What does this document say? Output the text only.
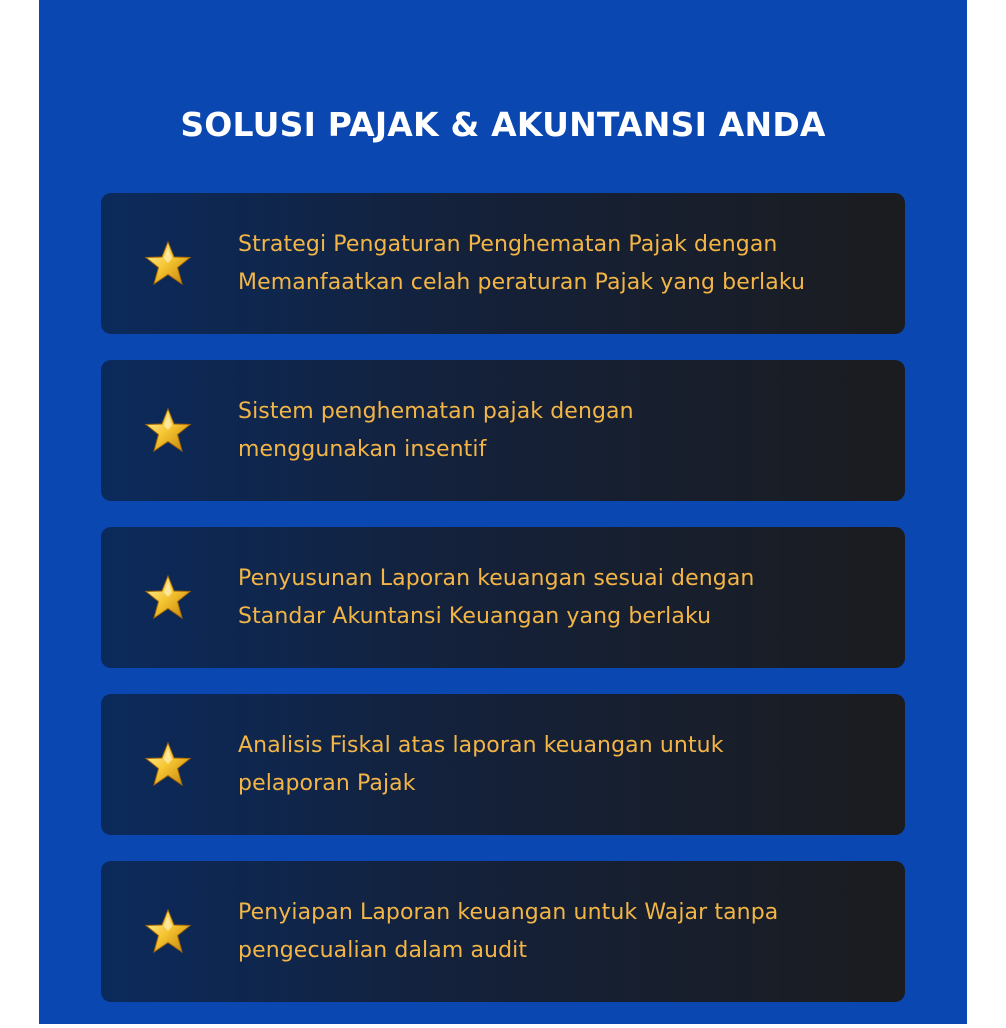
SOLUSI PAJAK & AKUNTANSI ANDA
Strategi Pengaturan Penghematan Pajak dengan
Memanfaatkan celah peraturan Pajak yang berlaku
Sistem penghematan pajak dengan
menggunakan insentif
Penyusunan Laporan keuangan sesuai dengan
Standar Akuntansi Keuangan yang berlaku
Analisis Fiskal atas laporan keuangan untuk
pelaporan Pajak
Penyiapan Laporan keuangan untuk Wajar tanpa
pengecualian dalam audit
